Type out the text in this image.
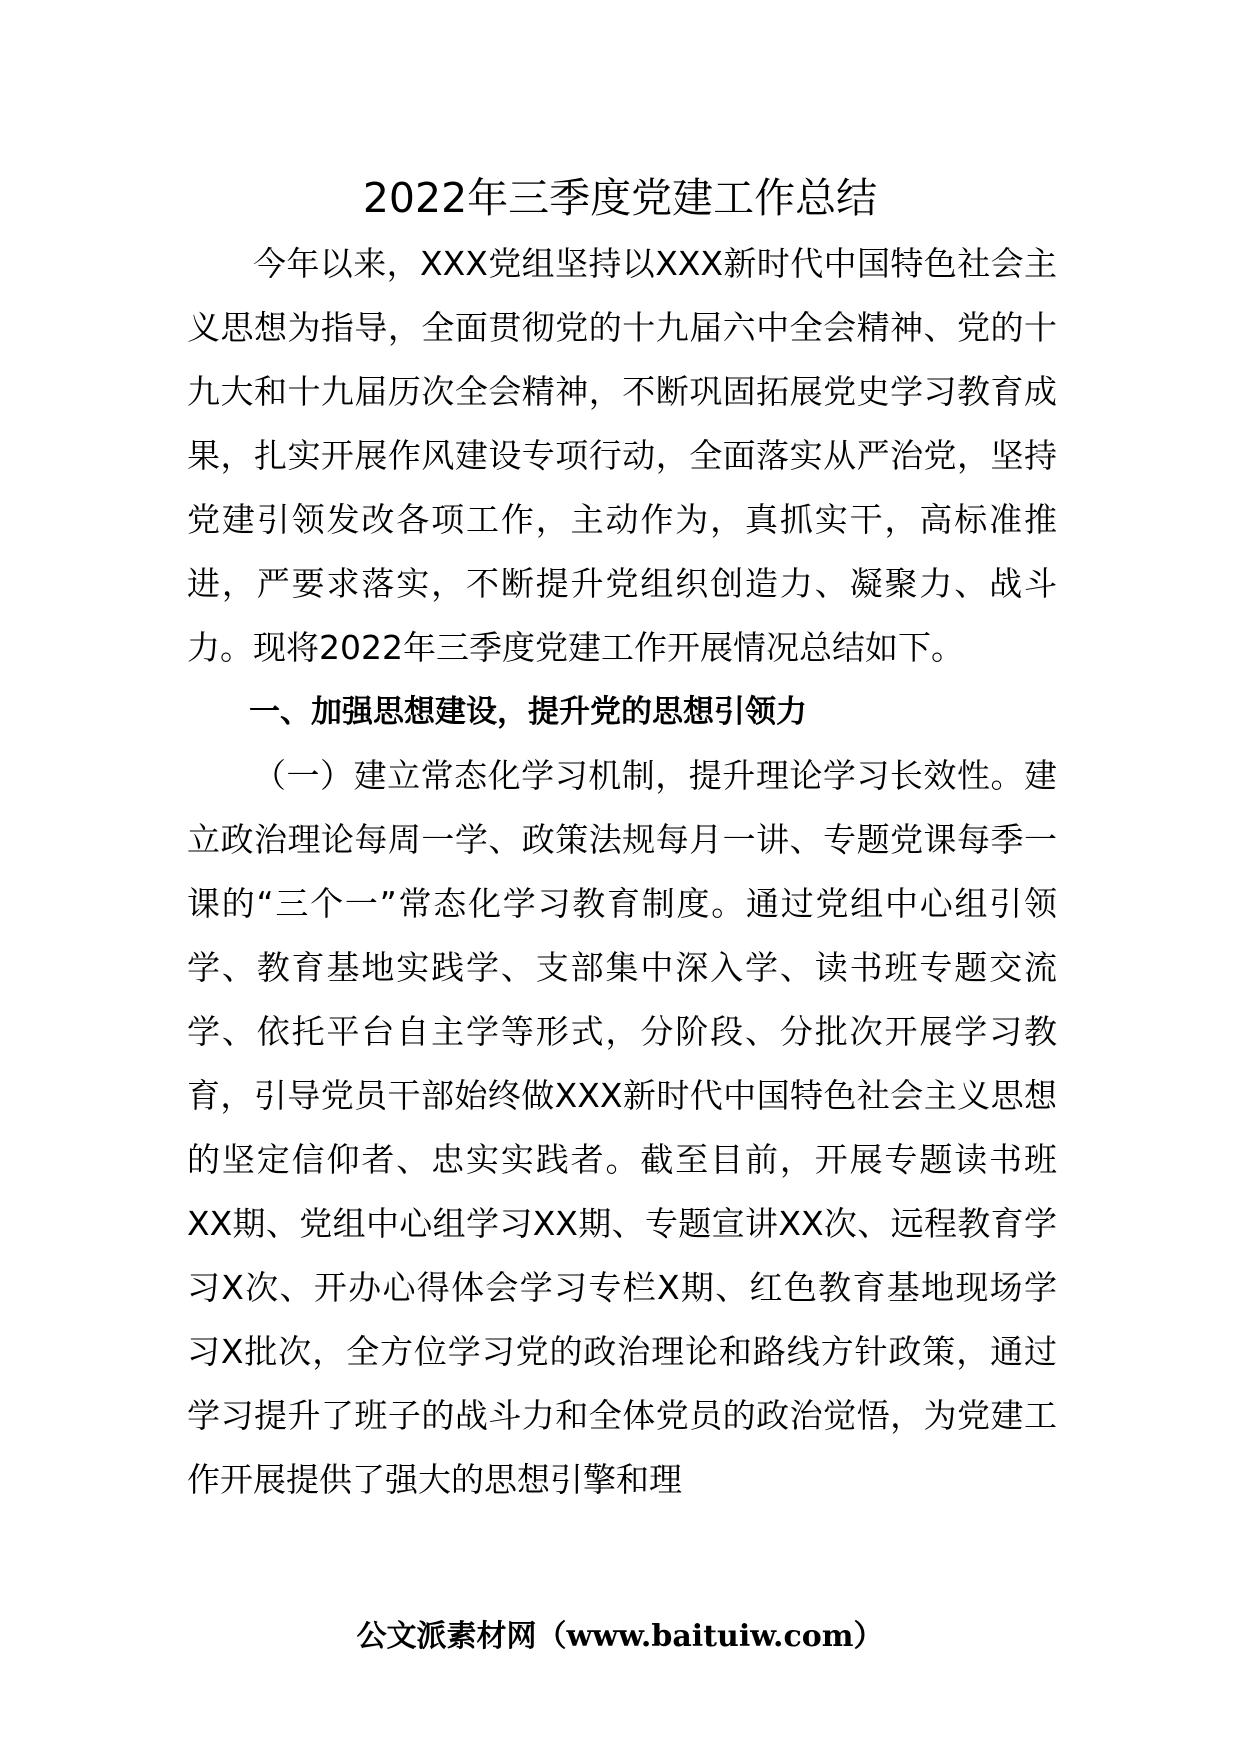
2022年三季度党建工作总结

今年以来，XXX党组坚持以XXX新时代中国特色社会主义思想为指导，全面贯彻党的十九届六中全会精神、党的十九大和十九届历次全会精神，不断巩固拓展党史学习教育成果，扎实开展作风建设专项行动，全面落实从严治党，坚持党建引领发改各项工作，主动作为，真抓实干，高标准推进，严要求落实，不断提升党组织创造力、凝聚力、战斗力。现将2022年三季度党建工作开展情况总结如下。

一、加强思想建设，提升党的思想引领力

（一）建立常态化学习机制，提升理论学习长效性。建立政治理论每周一学、政策法规每月一讲、专题党课每季一课的“三个一”常态化学习教育制度。通过党组中心组引领学、教育基地实践学、支部集中深入学、读书班专题交流学、依托平台自主学等形式，分阶段、分批次开展学习教育，引导党员干部始终做XXX新时代中国特色社会主义思想的坚定信仰者、忠实实践者。截至目前，开展专题读书班XX期、党组中心组学习XX期、专题宣讲XX次、远程教育学习X次、开办心得体会学习专栏X期、红色教育基地现场学习X批次，全方位学习党的政治理论和路线方针政策，通过学习提升了班子的战斗力和全体党员的政治觉悟，为党建工作开展提供了强大的思想引擎和理

公文派素材网（www.baituiw.com）
